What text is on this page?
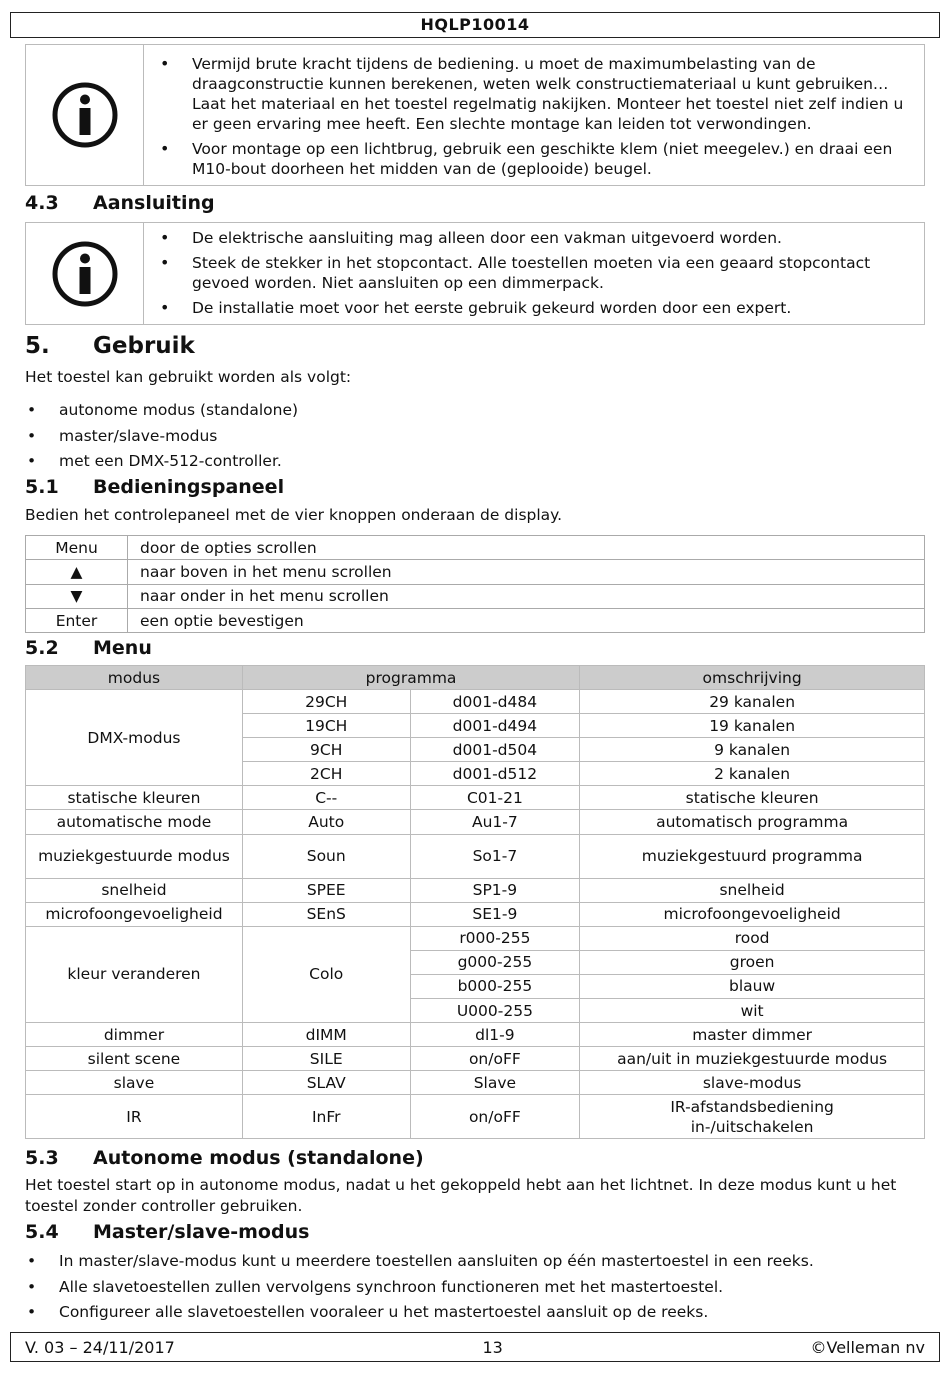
HQLP10014
• Vermijd brute kracht tijdens de bediening. u moet de maximumbelasting van de draagconstructie kunnen berekenen, weten welk constructiemateriaal u kunt gebruiken… Laat het materiaal en het toestel regelmatig nakijken. Monteer het toestel niet zelf indien u er geen ervaring mee heeft. Een slechte montage kan leiden tot verwondingen.
• Voor montage op een lichtbrug, gebruik een geschikte klem (niet meegelev.) en draai een M10-bout doorheen het midden van de (geplooide) beugel.
4.3 Aansluiting
• De elektrische aansluiting mag alleen door een vakman uitgevoerd worden.
• Steek de stekker in het stopcontact. Alle toestellen moeten via een geaard stopcontact gevoed worden. Niet aansluiten op een dimmerpack.
• De installatie moet voor het eerste gebruik gekeurd worden door een expert.
5. Gebruik
Het toestel kan gebruikt worden als volgt:
• autonome modus (standalone)
• master/slave-modus
• met een DMX-512-controller.
5.1 Bedieningspaneel
Bedien het controlepaneel met de vier knoppen onderaan de display.
Menu	door de opties scrollen
▲	naar boven in het menu scrollen
▼	naar onder in het menu scrollen
Enter	een optie bevestigen
5.2 Menu
modus	programma		omschrijving
DMX-modus	29CH	d001-d484	29 kanalen
	19CH	d001-d494	19 kanalen
	9CH	d001-d504	9 kanalen
	2CH	d001-d512	2 kanalen
statische kleuren	C--	C01-21	statische kleuren
automatische mode	Auto	Au1-7	automatisch programma
muziekgestuurde modus	Soun	So1-7	muziekgestuurd programma
snelheid	SPEE	SP1-9	snelheid
microfoongevoeligheid	SEnS	SE1-9	microfoongevoeligheid
kleur veranderen	Colo	r000-255	rood
		g000-255	groen
		b000-255	blauw
		U000-255	wit
dimmer	dIMM	dl1-9	master dimmer
silent scene	SILE	on/oFF	aan/uit in muziekgestuurde modus
slave	SLAV	Slave	slave-modus
IR	InFr	on/oFF	IR-afstandsbediening in-/uitschakelen
5.3 Autonome modus (standalone)
Het toestel start op in autonome modus, nadat u het gekoppeld hebt aan het lichtnet. In deze modus kunt u het toestel zonder controller gebruiken.
5.4 Master/slave-modus
• In master/slave-modus kunt u meerdere toestellen aansluiten op één mastertoestel in een reeks.
• Alle slavetoestellen zullen vervolgens synchroon functioneren met het mastertoestel.
• Configureer alle slavetoestellen vooraleer u het mastertoestel aansluit op de reeks.
V. 03 – 24/11/2017	13	©Velleman nv
